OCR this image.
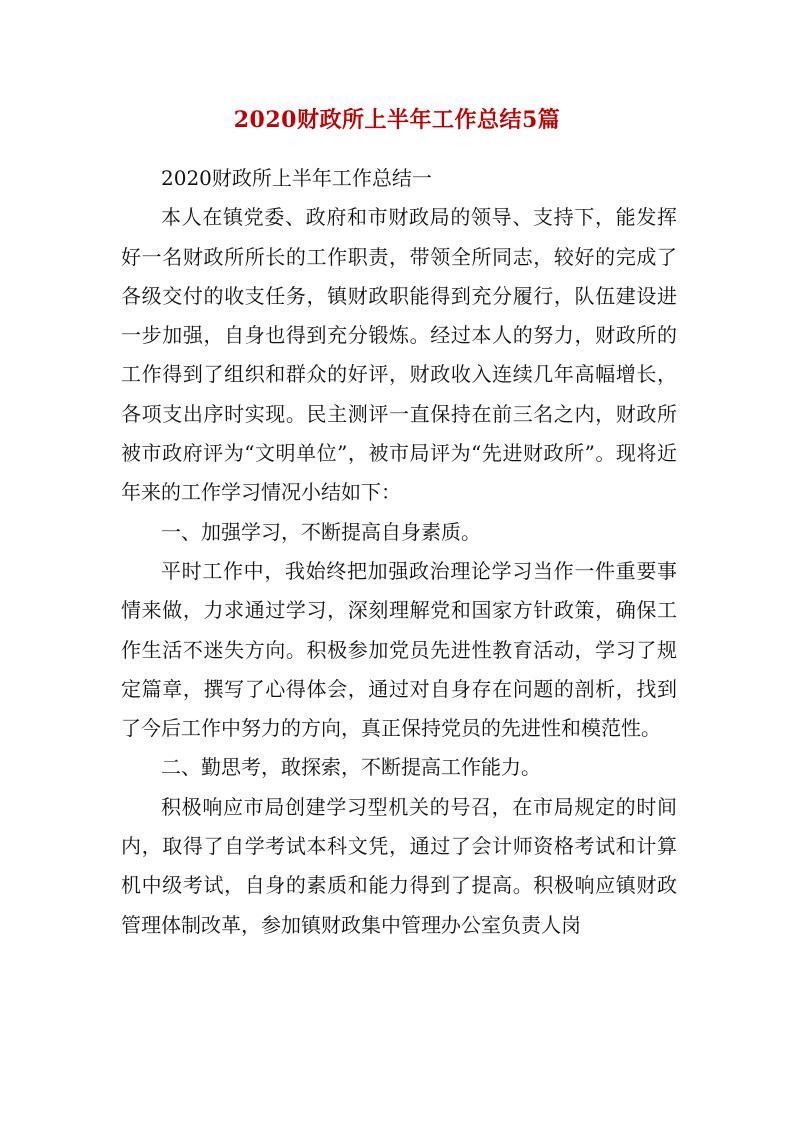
2020财政所上半年工作总结5篇

2020财政所上半年工作总结一

本人在镇党委、政府和市财政局的领导、支持下，能发挥好一名财政所所长的工作职责，带领全所同志，较好的完成了各级交付的收支任务，镇财政职能得到充分履行，队伍建设进一步加强，自身也得到充分锻炼。经过本人的努力，财政所的工作得到了组织和群众的好评，财政收入连续几年高幅增长，各项支出序时实现。民主测评一直保持在前三名之内，财政所被市政府评为“文明单位”，被市局评为“先进财政所”。现将近年来的工作学习情况小结如下：

一、加强学习，不断提高自身素质。

平时工作中，我始终把加强政治理论学习当作一件重要事情来做，力求通过学习，深刻理解党和国家方针政策，确保工作生活不迷失方向。积极参加党员先进性教育活动，学习了规定篇章，撰写了心得体会，通过对自身存在问题的剖析，找到了今后工作中努力的方向，真正保持党员的先进性和模范性。

二、勤思考，敢探索，不断提高工作能力。

积极响应市局创建学习型机关的号召，在市局规定的时间内，取得了自学考试本科文凭，通过了会计师资格考试和计算机中级考试，自身的素质和能力得到了提高。积极响应镇财政管理体制改革，参加镇财政集中管理办公室负责人岗
